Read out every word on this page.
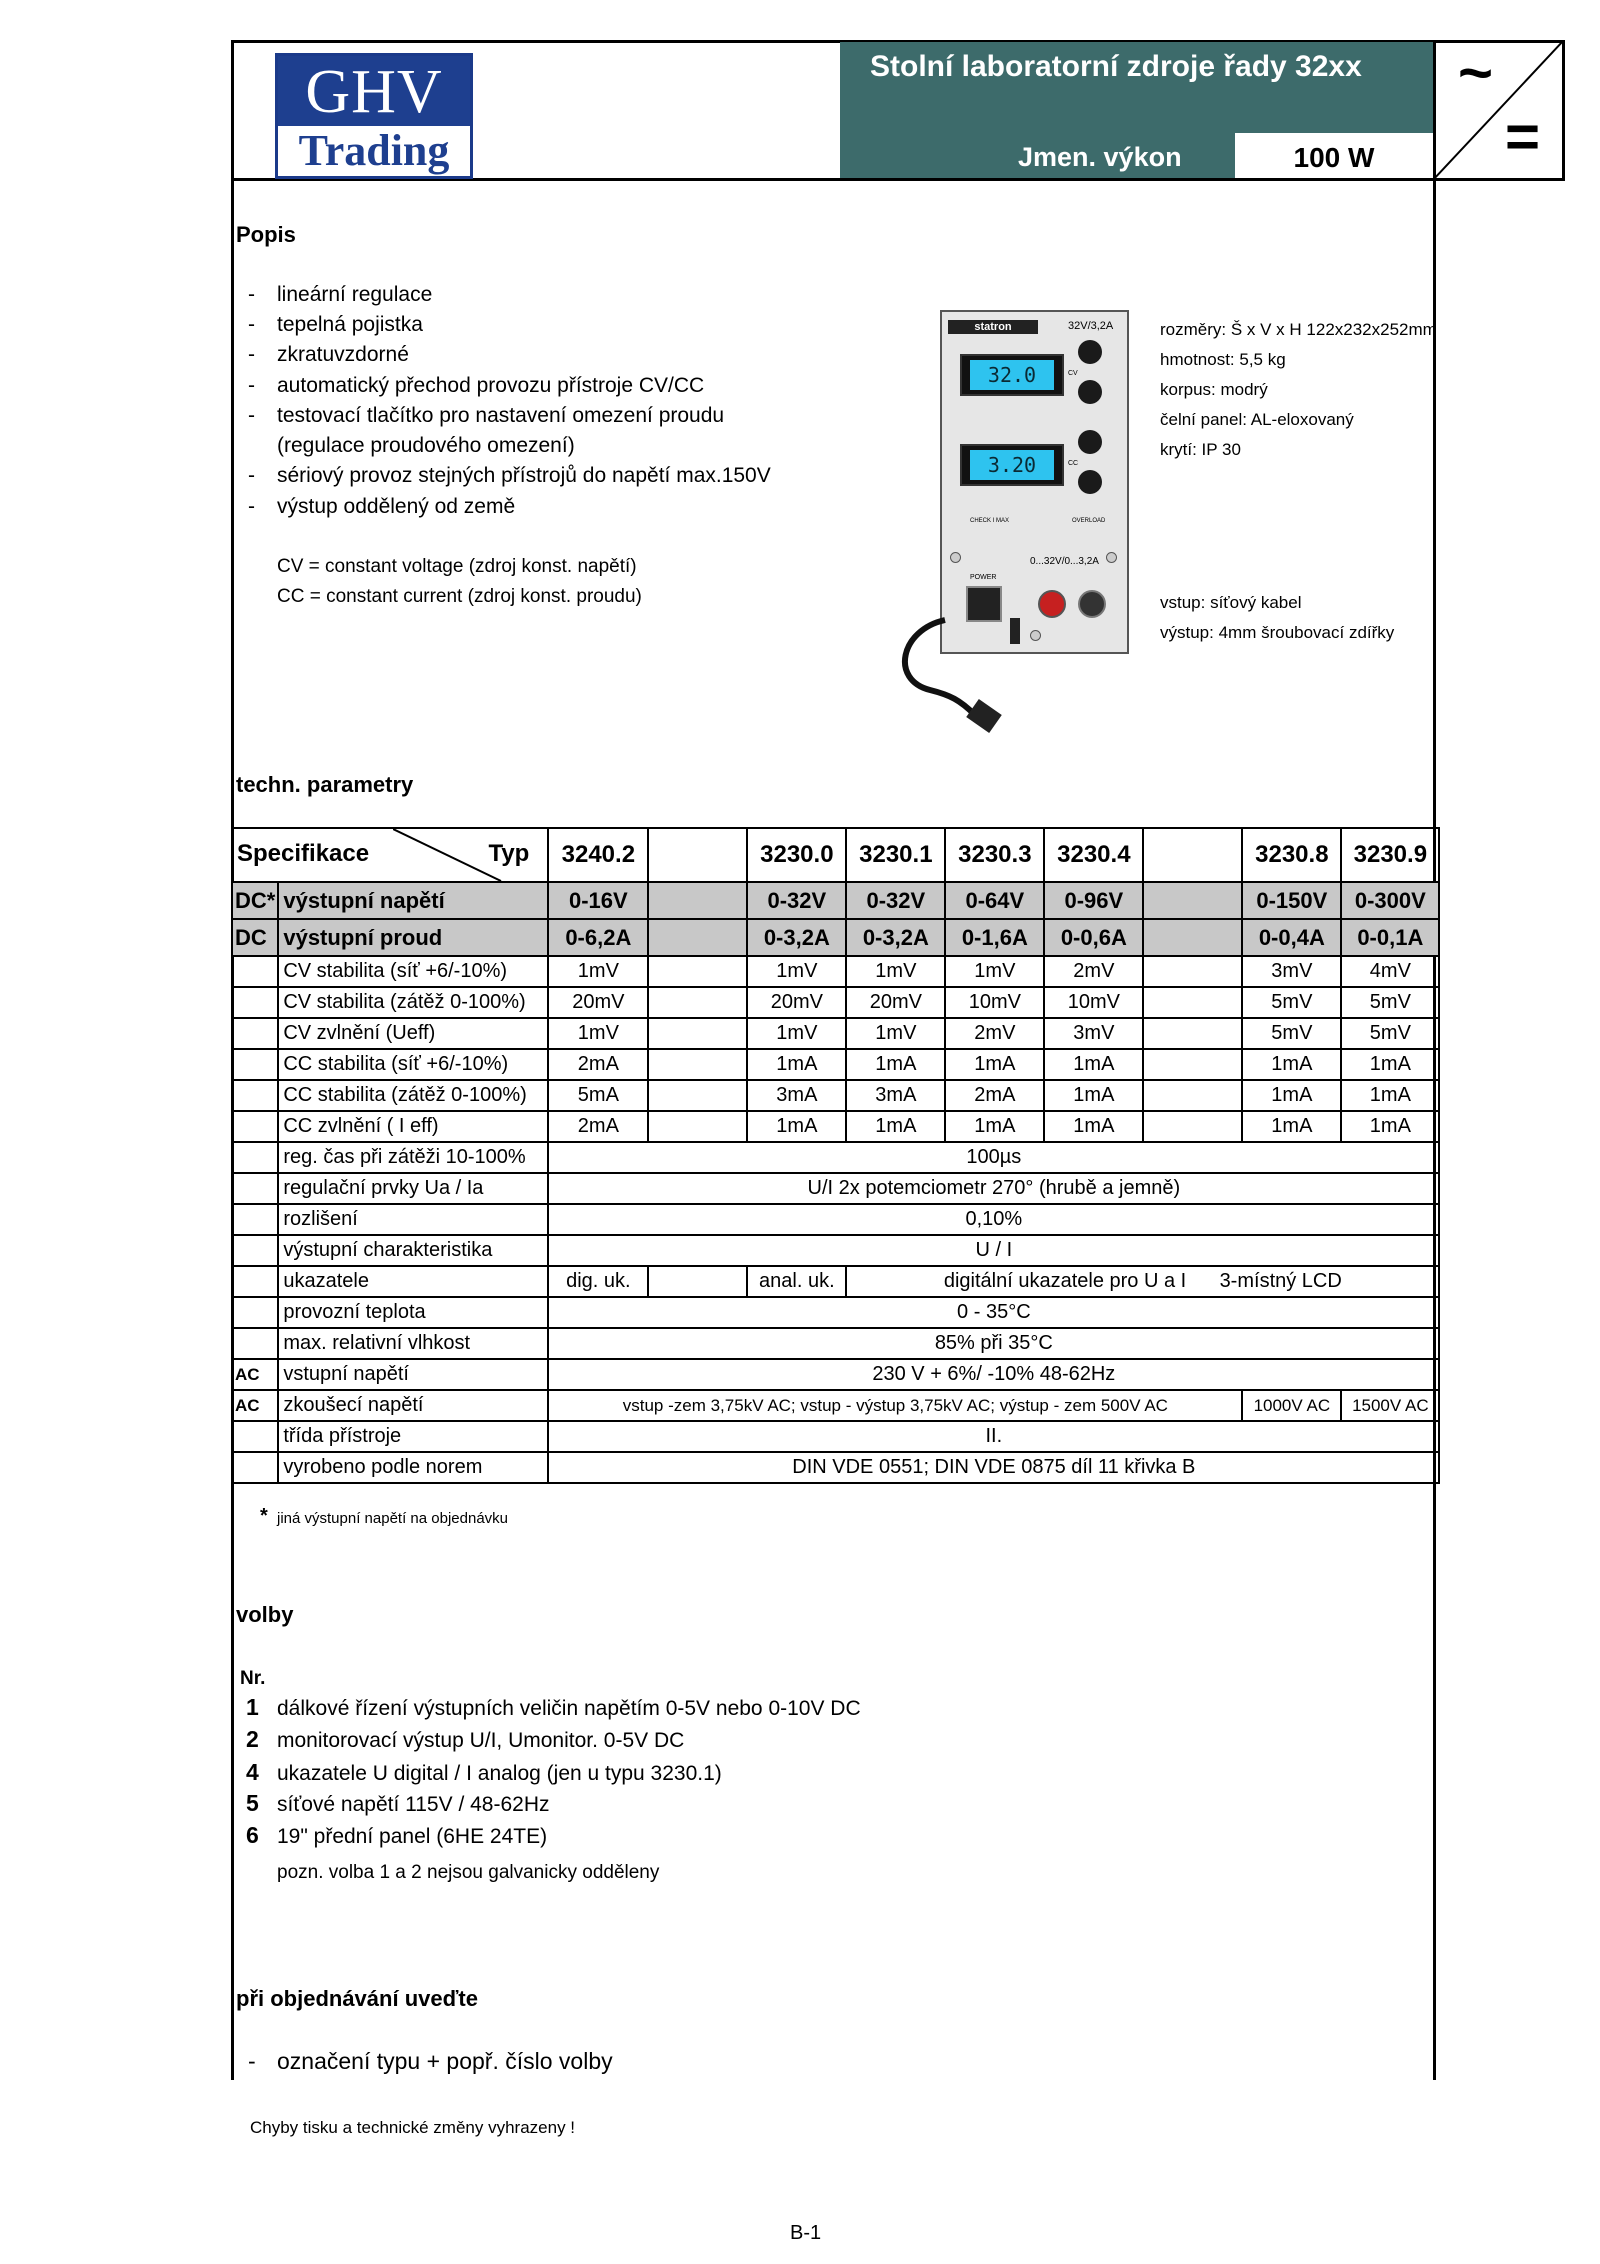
GHV
Trading
Stolní laboratorní zdroje řady 32xx
Jmen. výkon	100 W
~
=
Popis
- lineární regulace
- tepelná pojistka
- zkratuvzdorné
- automatický přechod provozu přístroje CV/CC
- testovací tlačítko pro nastavení omezení proudu
(regulace proudového omezení)
- sériový provoz stejných přístrojů do napětí max.150V
- výstup oddělený od země
CV = constant voltage (zdroj konst. napětí)
CC = constant current (zdroj konst. proudu)
statron	32V/3,2A
32.0	CV
3.20	CC
CHECK I MAX	OVERLOAD
0...32V/0...3,2A
POWER
rozměry: Š x V x H 122x232x252mm
hmotnost: 5,5 kg
korpus: modrý
čelní panel: AL-eloxovaný
krytí: IP 30
vstup: síťový kabel
výstup: 4mm šroubovací zdířky
techn. parametry
Specifikace Typ		3240.2		3230.0	3230.1	3230.3	3230.4		3230.8	3230.9
DC*	výstupní napětí	0-16V		0-32V	0-32V	0-64V	0-96V		0-150V	0-300V
DC	výstupní proud	0-6,2A		0-3,2A	0-3,2A	0-1,6A	0-0,6A		0-0,4A	0-0,1A
	CV stabilita (síť +6/-10%)	1mV		1mV	1mV	1mV	2mV		3mV	4mV
	CV stabilita (zátěž 0-100%)	20mV		20mV	20mV	10mV	10mV		5mV	5mV
	CV zvlnění (Ueff)	1mV		1mV	1mV	2mV	3mV		5mV	5mV
	CC stabilita (síť +6/-10%)	2mA		1mA	1mA	1mA	1mA		1mA	1mA
	CC stabilita (zátěž 0-100%)	5mA		3mA	3mA	2mA	1mA		1mA	1mA
	CC zvlnění ( I eff)	2mA		1mA	1mA	1mA	1mA		1mA	1mA
	reg. čas při zátěži 10-100%	100µs								
	regulační prvky Ua / Ia	U/I 2x potemciometr 270° (hrubě a jemně)								
	rozlišení	0,10%								
	výstupní charakteristika	U / I								
	ukazatele	dig. uk.		anal. uk.	digitální ukazatele pro U a I      3-místný LCD					
	provozní teplota	0 - 35°C								
	max. relativní vlhkost	85% při 35°C								
AC	vstupní napětí	230 V + 6%/ -10% 48-62Hz								
AC	zkoušecí napětí	vstup -zem 3,75kV AC; vstup - výstup 3,75kV AC; výstup - zem 500V AC							1000V AC	1500V AC
	třída přístroje	II.								
	vyrobeno podle norem	DIN VDE 0551; DIN VDE 0875 díl 11 křivka B								
* jiná výstupní napětí na objednávku
volby
Nr.
1 dálkové řízení výstupních veličin napětím 0-5V nebo 0-10V DC
2 monitorovací výstup U/I, Umonitor. 0-5V DC
4 ukazatele U digital / I analog (jen u typu 3230.1)
5 síťové napětí 115V / 48-62Hz
6 19" přední panel (6HE 24TE)
pozn. volba 1 a 2 nejsou galvanicky odděleny
při objednávání uveďte
- označení typu + popř. číslo volby
Chyby tisku a technické změny vyhrazeny !
B-1
